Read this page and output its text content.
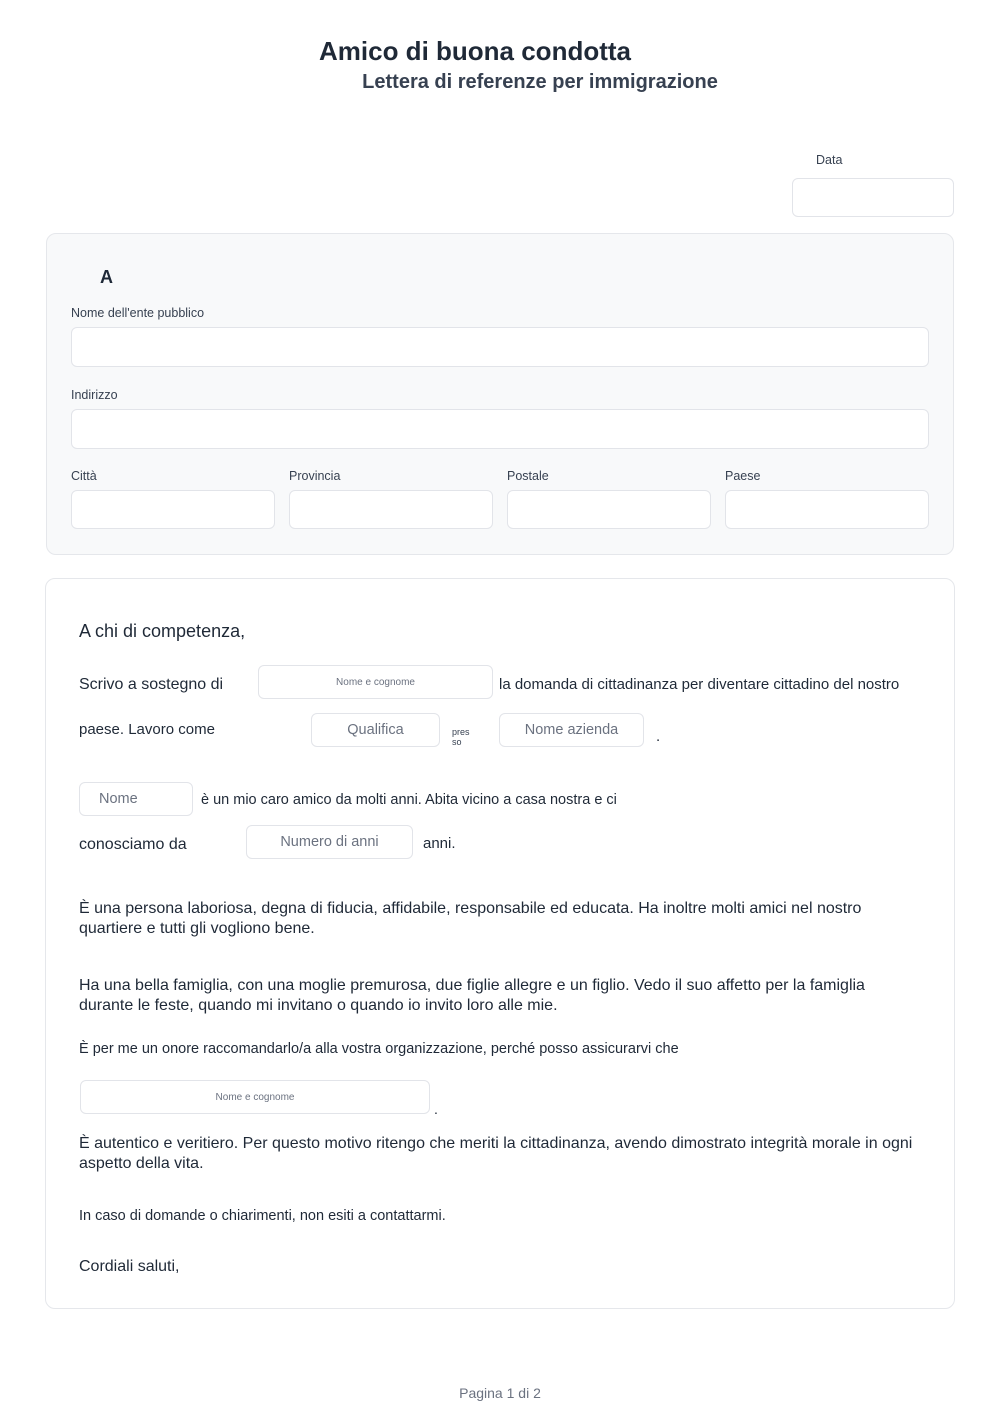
Amico di buona condotta
Lettera di referenze per immigrazione
Data
A
Nome dell'ente pubblico
Indirizzo
Città	Provincia	Postale	Paese
A chi di competenza,
Scrivo a sostegno di	Nome e cognome	la domanda di cittadinanza per diventare cittadino del nostro
paese. Lavoro come	Qualifica	pres so
Nome azienda	.
Nome	è un mio caro amico da molti anni. Abita vicino a casa nostra e ci
conosciamo da	Numero di anni	anni.
È una persona laboriosa, degna di fiducia, affidabile, responsabile ed educata. Ha inoltre molti amici nel nostro quartiere e tutti gli vogliono bene.
Ha una bella famiglia, con una moglie premurosa, due figlie allegre e un figlio. Vedo il suo affetto per la famiglia durante le feste, quando mi invitano o quando io invito loro alle mie.
È per me un onore raccomandarlo/a alla vostra organizzazione, perché posso assicurarvi che
Nome e cognome
.
È autentico e veritiero. Per questo motivo ritengo che meriti la cittadinanza, avendo dimostrato integrità morale in ogni aspetto della vita.
In caso di domande o chiarimenti, non esiti a contattarmi.
Cordiali saluti,
Pagina 1 di 2
